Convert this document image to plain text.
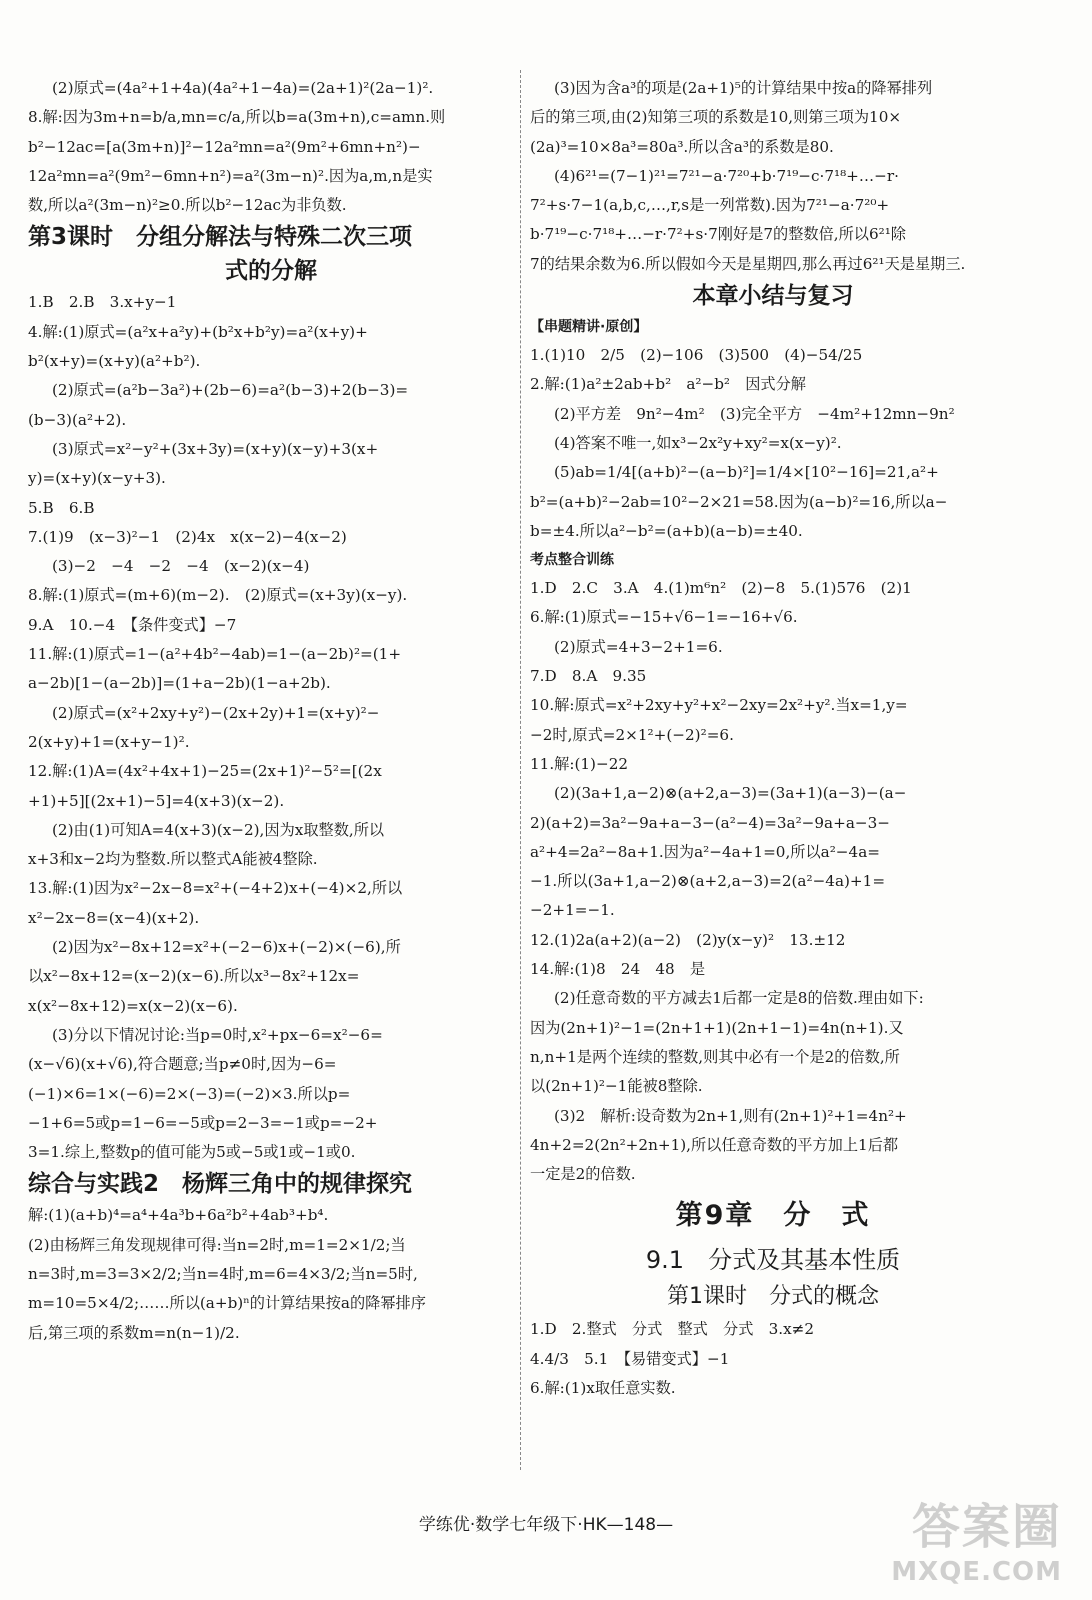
(2)原式=(4a²+1+4a)(4a²+1−4a)=(2a+1)²(2a−1)².
8.解:因为3m+n=b/a,mn=c/a,所以b=a(3m+n),c=amn.则
b²−12ac=[a(3m+n)]²−12a²mn=a²(9m²+6mn+n²)−
12a²mn=a²(9m²−6mn+n²)=a²(3m−n)².因为a,m,n是实
数,所以a²(3m−n)²≥0.所以b²−12ac为非负数.
第3课时　分组分解法与特殊二次三项
式的分解
1.B　2.B　3.x+y−1
4.解:(1)原式=(a²x+a²y)+(b²x+b²y)=a²(x+y)+
b²(x+y)=(x+y)(a²+b²).
(2)原式=(a²b−3a²)+(2b−6)=a²(b−3)+2(b−3)=
(b−3)(a²+2).
(3)原式=x²−y²+(3x+3y)=(x+y)(x−y)+3(x+
y)=(x+y)(x−y+3).
5.B　6.B
7.(1)9　(x−3)²−1　(2)4x　x(x−2)−4(x−2)
(3)−2　−4　−2　−4　(x−2)(x−4)
8.解:(1)原式=(m+6)(m−2).　(2)原式=(x+3y)(x−y).
9.A　10.−4　【条件变式】−7
11.解:(1)原式=1−(a²+4b²−4ab)=1−(a−2b)²=(1+
a−2b)[1−(a−2b)]=(1+a−2b)(1−a+2b).
(2)原式=(x²+2xy+y²)−(2x+2y)+1=(x+y)²−
2(x+y)+1=(x+y−1)².
12.解:(1)A=(4x²+4x+1)−25=(2x+1)²−5²=[(2x
+1)+5][(2x+1)−5]=4(x+3)(x−2).
(2)由(1)可知A=4(x+3)(x−2),因为x取整数,所以
x+3和x−2均为整数.所以整式A能被4整除.
13.解:(1)因为x²−2x−8=x²+(−4+2)x+(−4)×2,所以
x²−2x−8=(x−4)(x+2).
(2)因为x²−8x+12=x²+(−2−6)x+(−2)×(−6),所
以x²−8x+12=(x−2)(x−6).所以x³−8x²+12x=
x(x²−8x+12)=x(x−2)(x−6).
(3)分以下情况讨论:当p=0时,x²+px−6=x²−6=
(x−√6)(x+√6),符合题意;当p≠0时,因为−6=
(−1)×6=1×(−6)=2×(−3)=(−2)×3.所以p=
−1+6=5或p=1−6=−5或p=2−3=−1或p=−2+
3=1.综上,整数p的值可能为5或−5或1或−1或0.
综合与实践2　杨辉三角中的规律探究
解:(1)(a+b)⁴=a⁴+4a³b+6a²b²+4ab³+b⁴.
(2)由杨辉三角发现规律可得:当n=2时,m=1=2×1/2;当
n=3时,m=3=3×2/2;当n=4时,m=6=4×3/2;当n=5时,
m=10=5×4/2;……所以(a+b)ⁿ的计算结果按a的降幂排序
后,第三项的系数m=n(n−1)/2.
(3)因为含a³的项是(2a+1)⁵的计算结果中按a的降幂排列
后的第三项,由(2)知第三项的系数是10,则第三项为10×
(2a)³=10×8a³=80a³.所以含a³的系数是80.
(4)6²¹=(7−1)²¹=7²¹−a·7²⁰+b·7¹⁹−c·7¹⁸+…−r·
7²+s·7−1(a,b,c,…,r,s是一列常数).因为7²¹−a·7²⁰+
b·7¹⁹−c·7¹⁸+…−r·7²+s·7刚好是7的整数倍,所以6²¹除
7的结果余数为6.所以假如今天是星期四,那么再过6²¹天是星期三.
本章小结与复习
【串题精讲·原创】
1.(1)10　2/5　(2)−106　(3)500　(4)−54/25
2.解:(1)a²±2ab+b²　a²−b²　因式分解
(2)平方差　9n²−4m²　(3)完全平方　−4m²+12mn−9n²
(4)答案不唯一,如x³−2x²y+xy²=x(x−y)².
(5)ab=1/4[(a+b)²−(a−b)²]=1/4×[10²−16]=21,a²+
b²=(a+b)²−2ab=10²−2×21=58.因为(a−b)²=16,所以a−
b=±4.所以a²−b²=(a+b)(a−b)=±40.
考点整合训练
1.D　2.C　3.A　4.(1)m⁶n²　(2)−8　5.(1)576　(2)1
6.解:(1)原式=−15+√6−1=−16+√6.
(2)原式=4+3−2+1=6.
7.D　8.A　9.35
10.解:原式=x²+2xy+y²+x²−2xy=2x²+y².当x=1,y=
−2时,原式=2×1²+(−2)²=6.
11.解:(1)−22
(2)(3a+1,a−2)⊗(a+2,a−3)=(3a+1)(a−3)−(a−
2)(a+2)=3a²−9a+a−3−(a²−4)=3a²−9a+a−3−
a²+4=2a²−8a+1.因为a²−4a+1=0,所以a²−4a=
−1.所以(3a+1,a−2)⊗(a+2,a−3)=2(a²−4a)+1=
−2+1=−1.
12.(1)2a(a+2)(a−2)　(2)y(x−y)²　13.±12
14.解:(1)8　24　48　是
(2)任意奇数的平方减去1后都一定是8的倍数.理由如下:
因为(2n+1)²−1=(2n+1+1)(2n+1−1)=4n(n+1).又
n,n+1是两个连续的整数,则其中必有一个是2的倍数,所
以(2n+1)²−1能被8整除.
(3)2　解析:设奇数为2n+1,则有(2n+1)²+1=4n²+
4n+2=2(2n²+2n+1),所以任意奇数的平方加上1后都
一定是2的倍数.
第9章　分　式
9.1　分式及其基本性质
第1课时　分式的概念
1.D　2.整式　分式　整式　分式　3.x≠2
4.4/3　5.1　【易错变式】−1
6.解:(1)x取任意实数.
学练优·数学七年级下·HK—148—	答案圈
MXQE.COM
